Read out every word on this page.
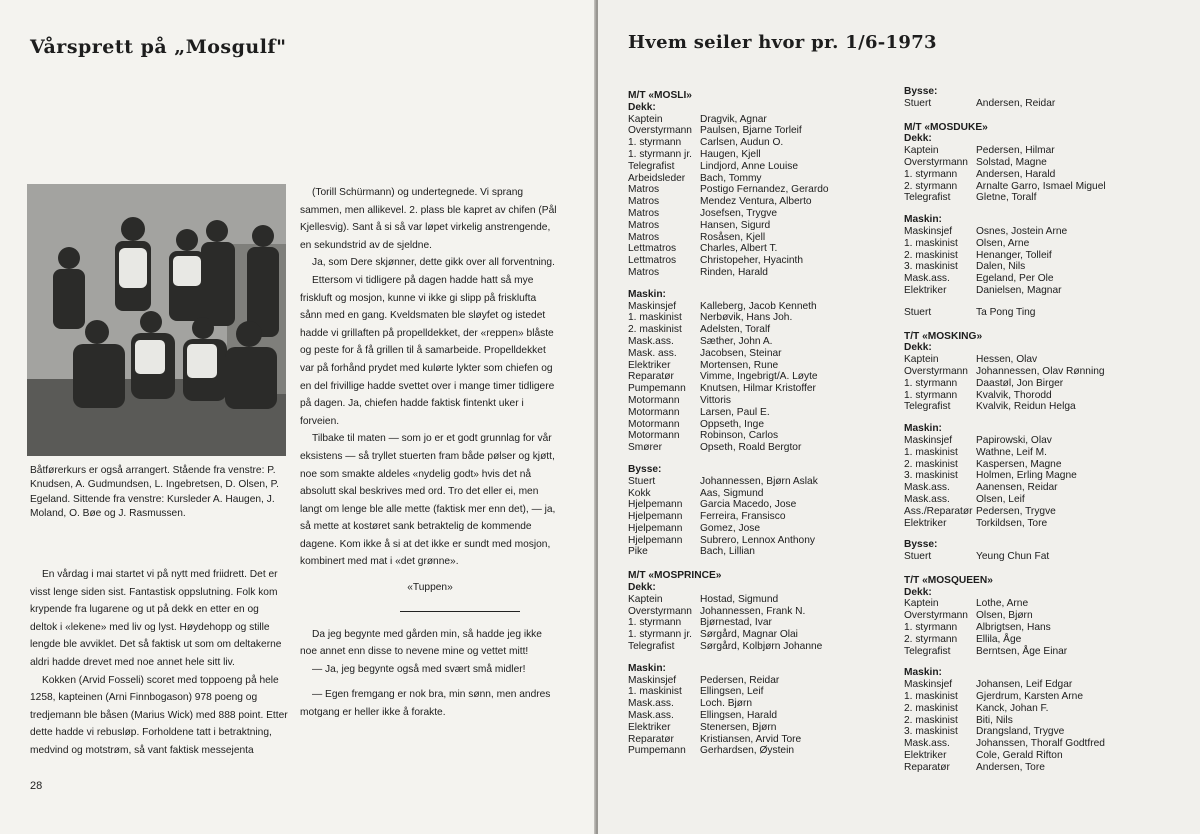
Vårsprett på „Mosgulf"

Båtførerkurs er også arrangert. Stående fra venstre: P. Knudsen, A. Gudmundsen, L. Ingebretsen, D. Olsen, P. Egeland. Sittende fra venstre: Kursleder A. Haugen, J. Moland, O. Bøe og J. Rasmussen.

En vårdag i mai startet vi på nytt med friidrett. Det er visst lenge siden sist. Fantastisk oppslutning. Folk kom krypende fra lugarene og ut på dekk en etter en og deltok i «lekene» med liv og lyst. Høydehopp og stille lengde ble avviklet. Det så faktisk ut som om deltakerne aldri hadde drevet med noe annet hele sitt liv.

Kokken (Arvid Fosseli) scoret med toppoeng på hele 1258, kapteinen (Arni Finnbogason) 978 poeng og tredjemann ble båsen (Marius Wick) med 888 point. Etter dette hadde vi rebusløp. Forholdene tatt i betraktning, medvind og motstrøm, så vant faktisk messejenta

(Torill Schürmann) og undertegnede. Vi sprang sammen, men allikevel. 2. plass ble kapret av chifen (Pål Kjellesvig). Sant å si så var løpet virkelig anstrengende, en sekundstrid av de sjeldne.

Ja, som Dere skjønner, dette gikk over all forventning.

Ettersom vi tidligere på dagen hadde hatt så mye friskluft og mosjon, kunne vi ikke gi slipp på frisklufta sånn med en gang. Kveldsmaten ble sløyfet og istedet hadde vi grillaften på propelldekket, der «reppen» blåste og peste for å få grillen til å samarbeide. Propelldekket var på forhånd prydet med kulørte lykter som chiefen og en del frivillige hadde svettet over i mange timer tidligere på dagen. Ja, chiefen hadde faktisk fintenkt uker i forveien.

Tilbake til maten — som jo er et godt grunnlag for vår eksistens — så tryllet stuerten fram både pølser og kjøtt, noe som smakte aldeles «nydelig godt» hvis det nå absolutt skal beskrives med ord. Tro det eller ei, men langt om lenge ble alle mette (faktisk mer enn det), — ja, så mette at kostøret sank betraktelig de kommende dagene. Kom ikke å si at det ikke er sundt med mosjon, kombinert med mat i «det grønne».

«Tuppen»

Da jeg begynte med gården min, så hadde jeg ikke noe annet enn disse to nevene mine og vettet mitt!

— Ja, jeg begynte også med svært små midler!

— Egen fremgang er nok bra, min sønn, men andres motgang er heller ikke å forakte.

28

Hvem seiler hvor pr. 1/6-1973

M/T «MOSLI»

Dekk:

Kaptein	Dragvik, Agnar
Overstyrmann Paulsen, Bjarne Torleif
1. styrmann	Carlsen, Audun O.
1. styrmann jr. Haugen, Kjell
Telegrafist	Lindjord, Anne Louise
Arbeidsleder	Bach, Tommy
Matros	Postigo Fernandez, Gerardo
Matros	Mendez Ventura, Alberto
Matros	Josefsen, Trygve
Matros	Hansen, Sigurd
Matros	Rosåsen, Kjell
Lettmatros	Charles, Albert T.
Lettmatros	Christopeher, Hyacinth
Matros	Rinden, Harald

Maskin:

Maskinsjef	Kalleberg, Jacob Kenneth
1. maskinist	Nerbøvik, Hans Joh.
2. maskinist	Adelsten, Toralf
Mask.ass.	Sæther, John A.
Mask. ass.	Jacobsen, Steinar
Elektriker	Mortensen, Rune
Reparatør	Vimme, Ingebrigt/A. Løyte
Pumpemann	Knutsen, Hilmar Kristoffer
Motormann	Vittoris
Motormann	Larsen, Paul E.
Motormann	Oppseth, Inge
Motormann	Robinson, Carlos
Smører	Opseth, Roald Bergtor

Bysse:

Stuert	Johannessen, Bjørn Aslak
Kokk	Aas, Sigmund
Hjelpemann	Garcia Macedo, Jose
Hjelpemann	Ferreira, Fransisco
Hjelpemann	Gomez, Jose
Hjelpemann	Subrero, Lennox Anthony
Pike	Bach, Lillian

M/T «MOSPRINCE»

Dekk:

Kaptein	Hostad, Sigmund
Overstyrmann Johannessen, Frank N.
1. styrmann	Bjørnestad, Ivar
1. styrmann jr. Sørgård, Magnar Olai
Telegrafist	Sørgård, Kolbjørn Johanne

Maskin:

Maskinsjef	Pedersen, Reidar
1. maskinist	Ellingsen, Leif
Mask.ass.	Loch. Bjørn
Mask.ass.	Ellingsen, Harald
Elektriker	Stenersen, Bjørn
Reparatør	Kristiansen, Arvid Tore
Pumpemann	Gerhardsen, Øystein

Bysse:

Stuert	Andersen, Reidar

M/T «MOSDUKE»

Dekk:

Kaptein	Pedersen, Hilmar
Overstyrmann Solstad, Magne
1. styrmann	Andersen, Harald
2. styrmann	Arnalte Garro, Ismael Miguel
Telegrafist	Gletne, Toralf

Maskin:

Maskinsjef	Osnes, Jostein Arne
1. maskinist	Olsen, Arne
2. maskinist	Henanger, Tolleif
3. maskinist	Dalen, Nils
Mask.ass.	Egeland, Per Ole
Elektriker	Danielsen, Magnar
Stuert	Ta Pong Ting

T/T «MOSKING»

Dekk:

Kaptein	Hessen, Olav
Overstyrmann Johannessen, Olav Rønning
1. styrmann	Daastøl, Jon Birger
1. styrmann	Kvalvik, Thorodd
Telegrafist	Kvalvik, Reidun Helga

Maskin:

Maskinsjef	Papirowski, Olav
1. maskinist	Wathne, Leif M.
2. maskinist	Kaspersen, Magne
3. maskinist	Holmen, Erling Magne
Mask.ass.	Aanensen, Reidar
Mask.ass.	Olsen, Leif
Ass./Reparatør Pedersen, Trygve
Elektriker	Torkildsen, Tore

Bysse:

Stuert	Yeung Chun Fat

T/T «MOSQUEEN»

Dekk:

Kaptein	Lothe, Arne
Overstyrmann Olsen, Bjørn
1. styrmann	Albrigtsen, Hans
2. styrmann	Ellila, Åge
Telegrafist	Berntsen, Åge Einar

Maskin:

Maskinsjef	Johansen, Leif Edgar
1. maskinist	Gjerdrum, Karsten Arne
2. maskinist	Kanck, Johan F.
2. maskinist	Biti, Nils
3. maskinist	Drangsland, Trygve
Mask.ass.	Johanssen, Thoralf Godtfred
Elektriker	Cole, Gerald Rifton
Reparatør	Andersen, Tore
